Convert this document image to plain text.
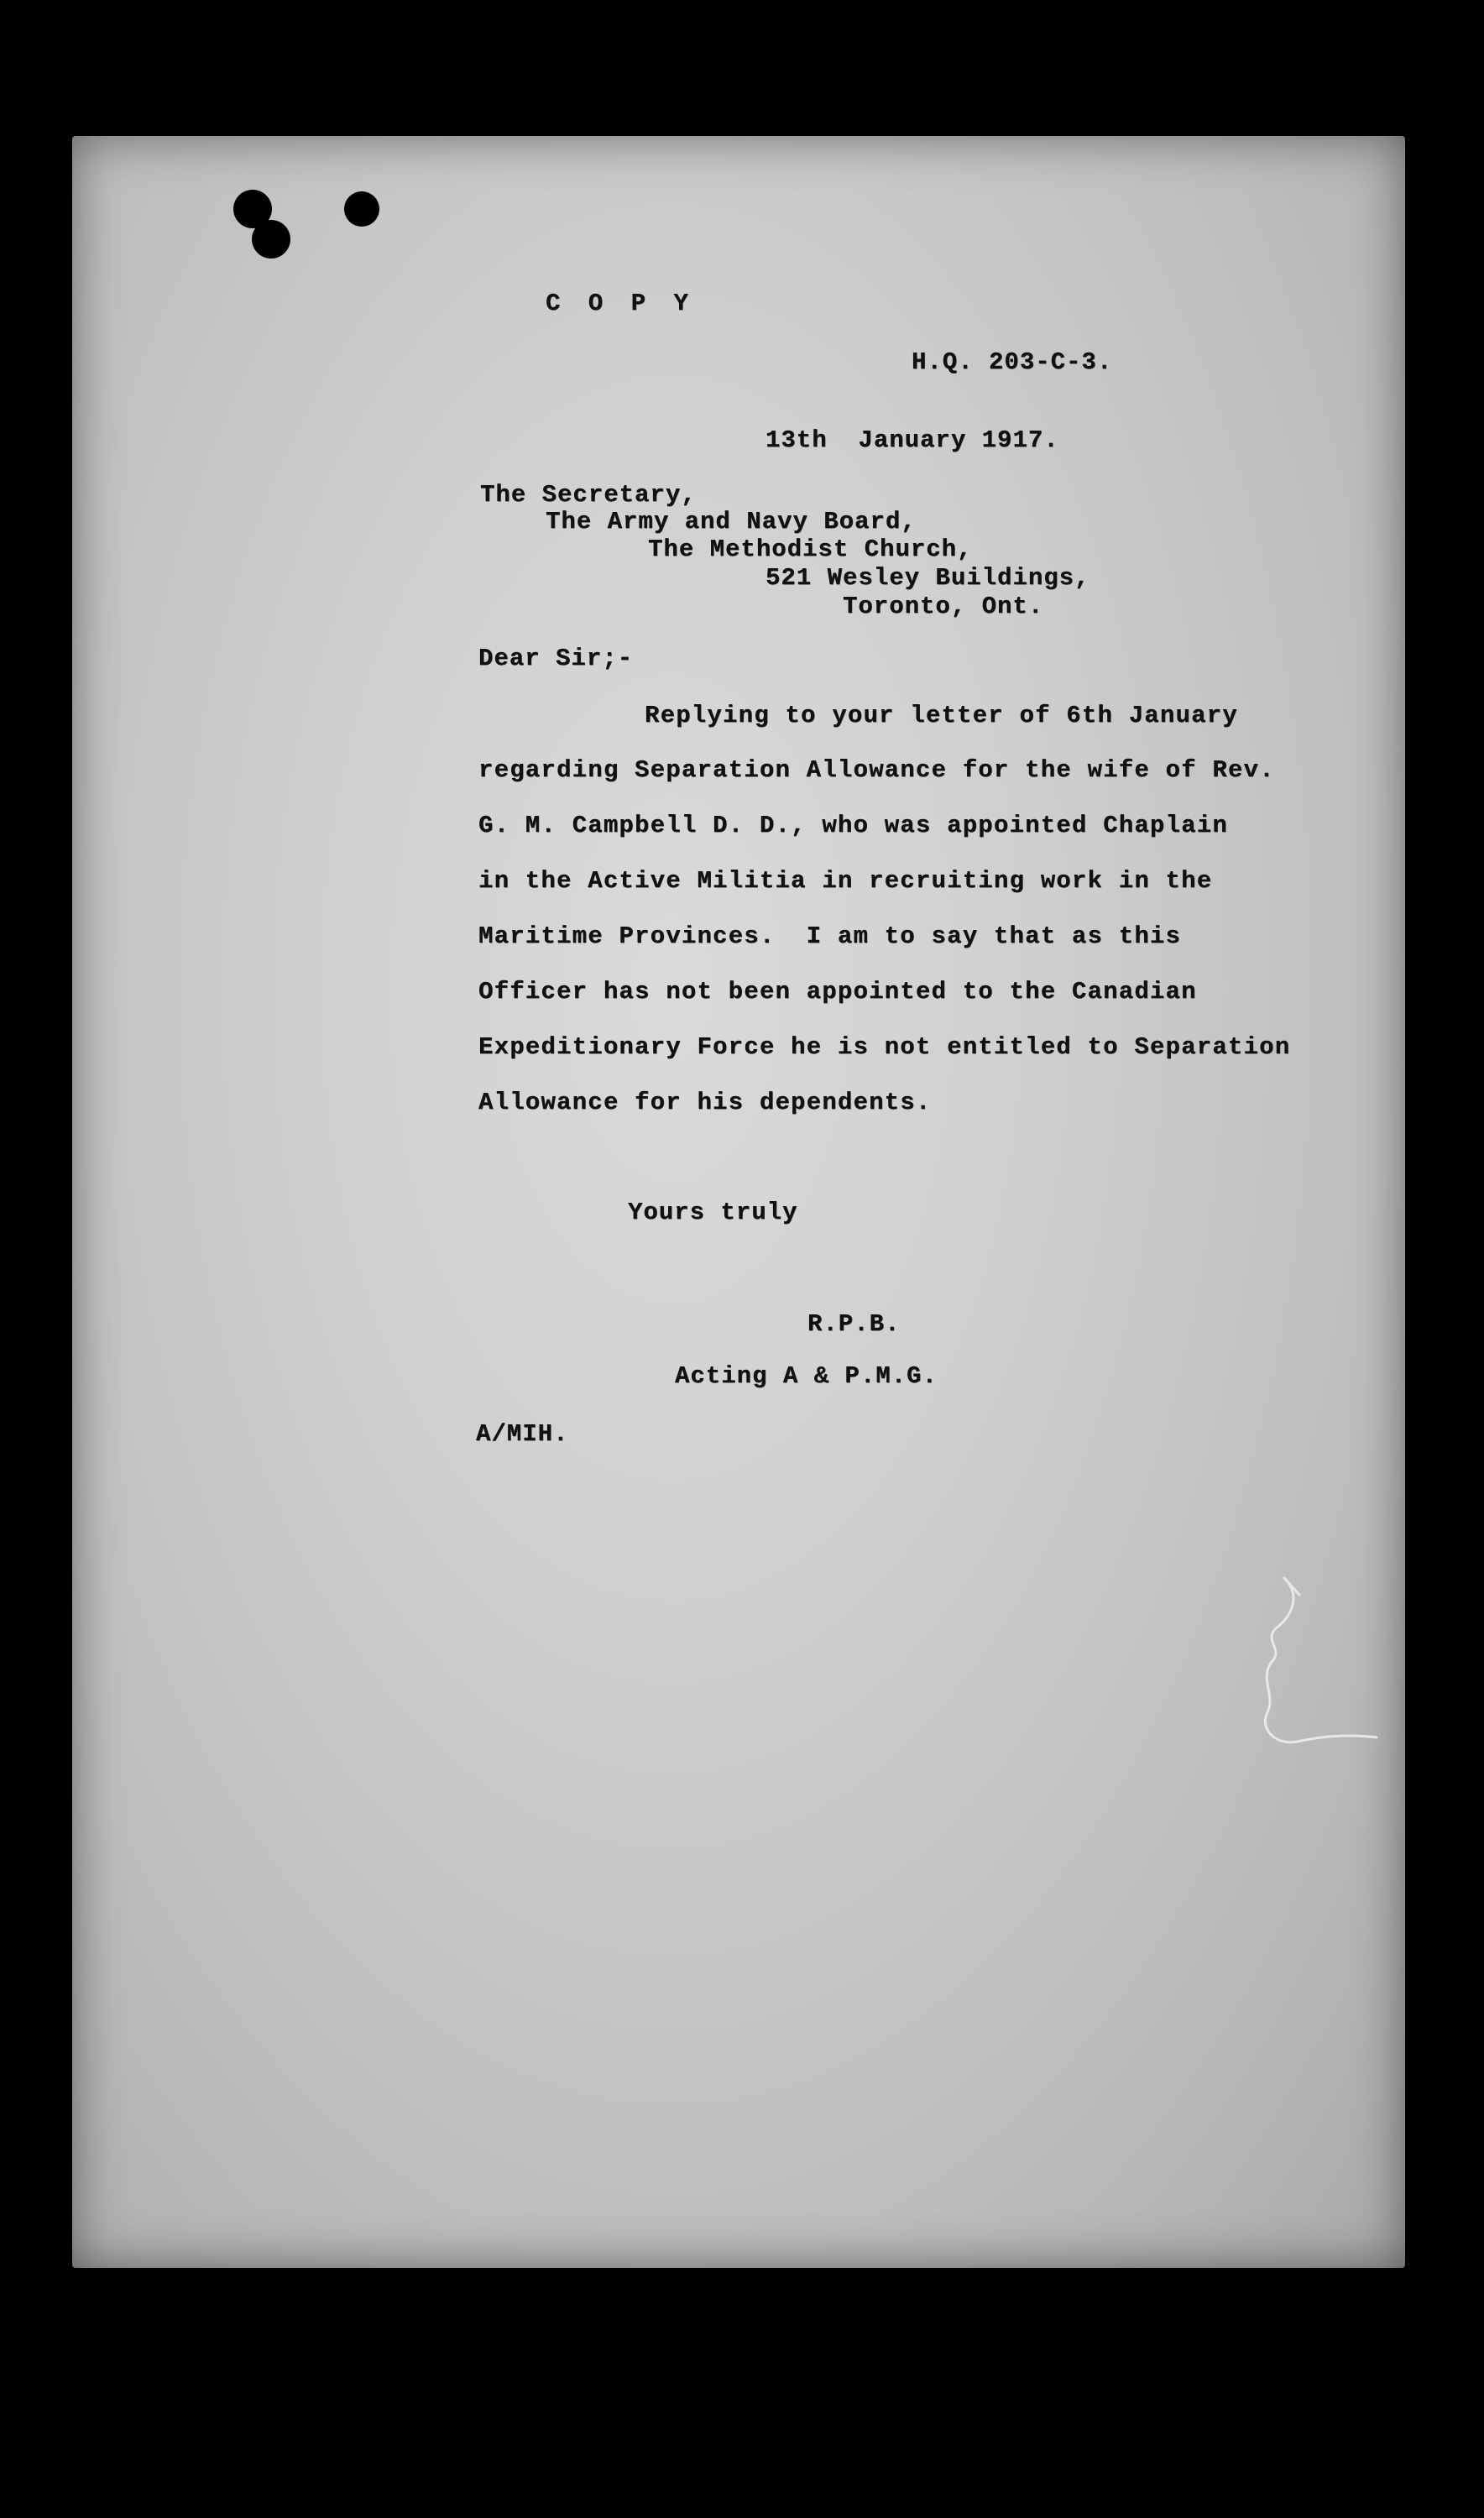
C O P Y
H.Q. 203-C-3.
13th  January 1917.
The Secretary,
The Army and Navy Board,
The Methodist Church,
521 Wesley Buildings,
Toronto, Ont.
Dear Sir;-
Replying to your letter of 6th January
regarding Separation Allowance for the wife of Rev.
G. M. Campbell D. D., who was appointed Chaplain
in the Active Militia in recruiting work in the
Maritime Provinces.  I am to say that as this
Officer has not been appointed to the Canadian
Expeditionary Force he is not entitled to Separation
Allowance for his dependents.
Yours truly
R.P.B.
Acting A & P.M.G.
A/MIH.
